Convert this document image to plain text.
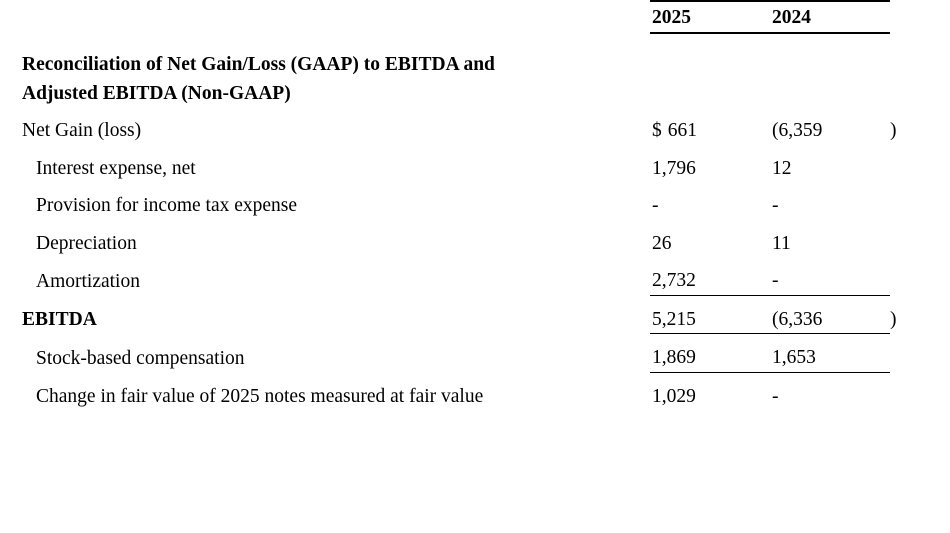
	2025	2024	

Reconciliation of Net Gain/Loss (GAAP) to EBITDA and			
Adjusted EBITDA (Non-GAAP)			
Net Gain (loss)	$ 661	(6,359	)
Interest expense, net	1,796	12	
Provision for income tax expense	-	-	
Depreciation	26	11	
Amortization	2,732	-	
EBITDA	5,215	(6,336	)
Stock-based compensation	1,869	1,653	
Change in fair value of 2025 notes measured at fair value	1,029	-	
